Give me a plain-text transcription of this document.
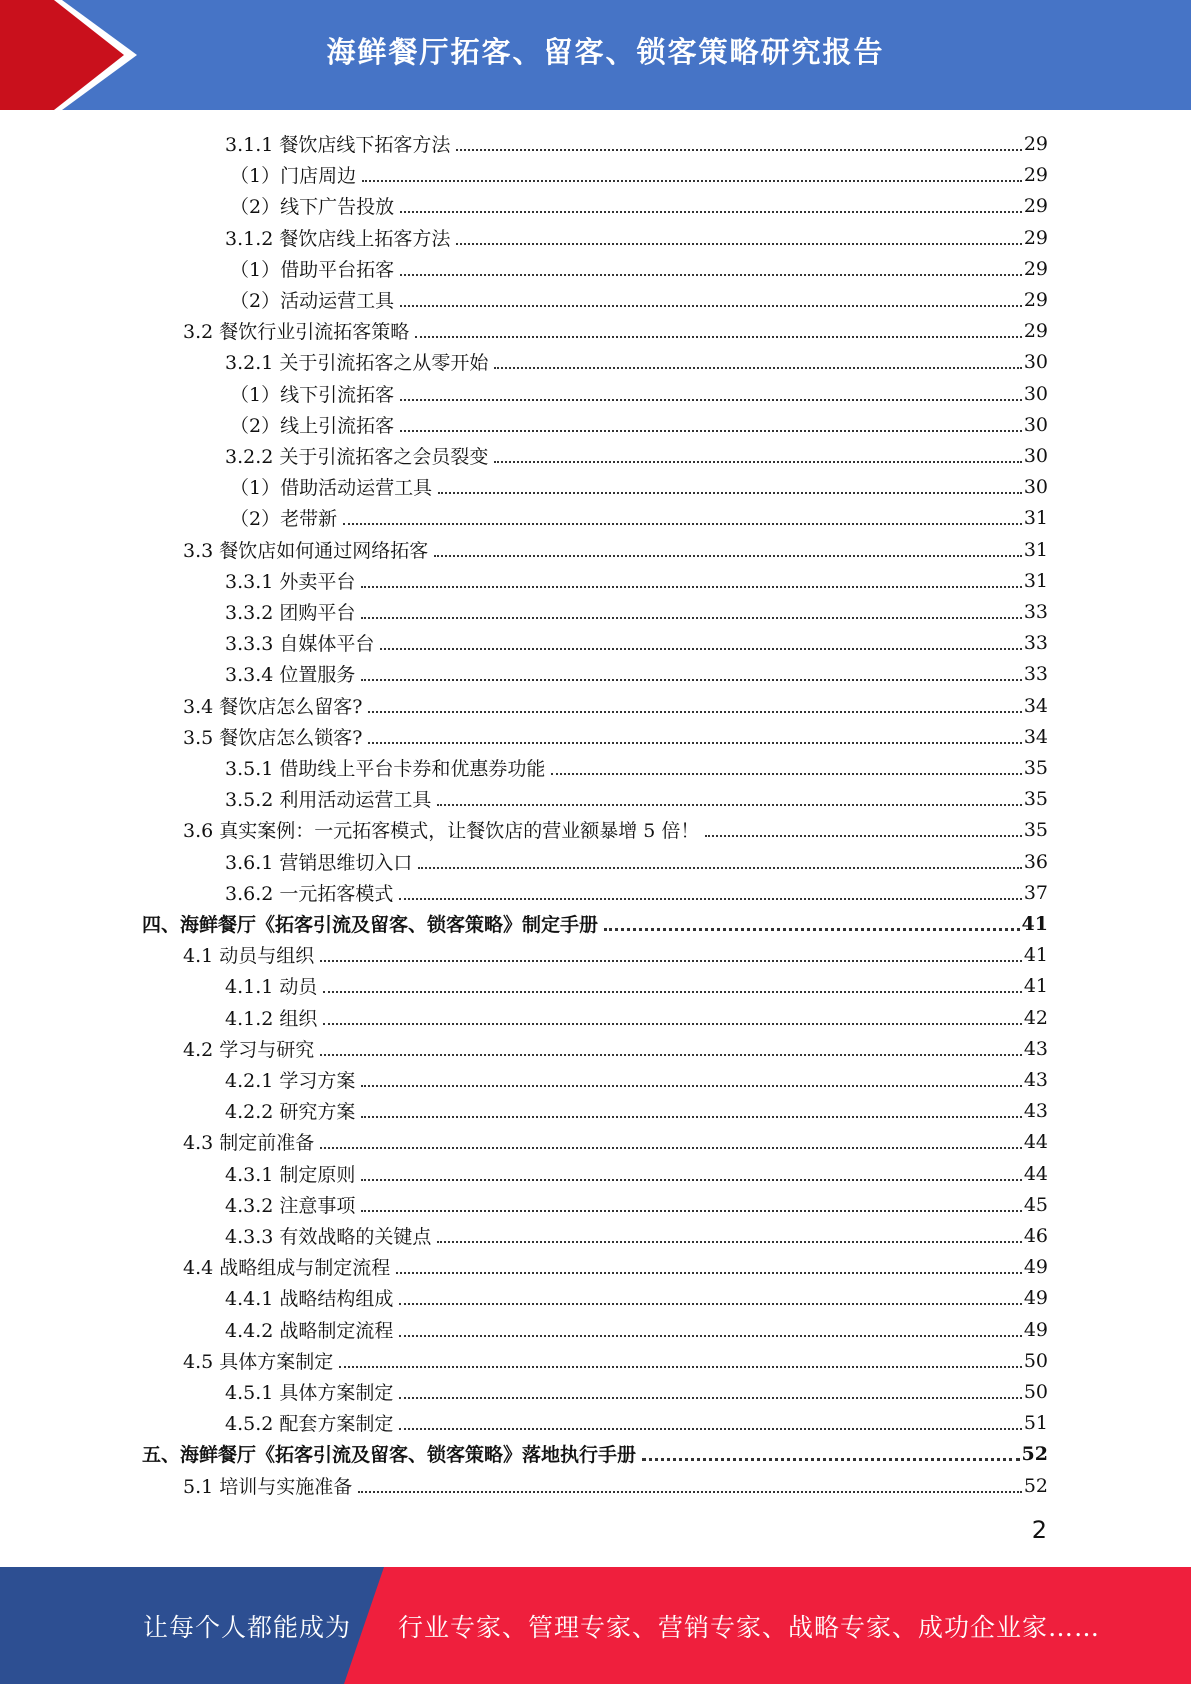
海鲜餐厅拓客、留客、锁客策略研究报告
3.1.1 餐饮店线下拓客方法	29
（1）门店周边	29
（2）线下广告投放	29
3.1.2 餐饮店线上拓客方法	29
（1）借助平台拓客	29
（2）活动运营工具	29
3.2 餐饮行业引流拓客策略	29
3.2.1 关于引流拓客之从零开始	30
（1）线下引流拓客	30
（2）线上引流拓客	30
3.2.2 关于引流拓客之会员裂变	30
（1）借助活动运营工具	30
（2）老带新	31
3.3 餐饮店如何通过网络拓客	31
3.3.1 外卖平台	31
3.3.2 团购平台	33
3.3.3 自媒体平台	33
3.3.4 位置服务	33
3.4 餐饮店怎么留客?	34
3.5 餐饮店怎么锁客?	34
3.5.1 借助线上平台卡券和优惠券功能	35
3.5.2 利用活动运营工具	35
3.6 真实案例：一元拓客模式，让餐饮店的营业额暴增 5 倍！	35
3.6.1 营销思维切入口	36
3.6.2 一元拓客模式	37
四、海鲜餐厅《拓客引流及留客、锁客策略》制定手册	41
4.1 动员与组织	41
4.1.1 动员	41
4.1.2 组织	42
4.2 学习与研究	43
4.2.1 学习方案	43
4.2.2 研究方案	43
4.3 制定前准备	44
4.3.1 制定原则	44
4.3.2 注意事项	45
4.3.3 有效战略的关键点	46
4.4 战略组成与制定流程	49
4.4.1 战略结构组成	49
4.4.2 战略制定流程	49
4.5 具体方案制定	50
4.5.1 具体方案制定	50
4.5.2 配套方案制定	51
五、海鲜餐厅《拓客引流及留客、锁客策略》落地执行手册	52
5.1 培训与实施准备	52
2
让每个人都能成为 行业专家、管理专家、营销专家、战略专家、成功企业家……
